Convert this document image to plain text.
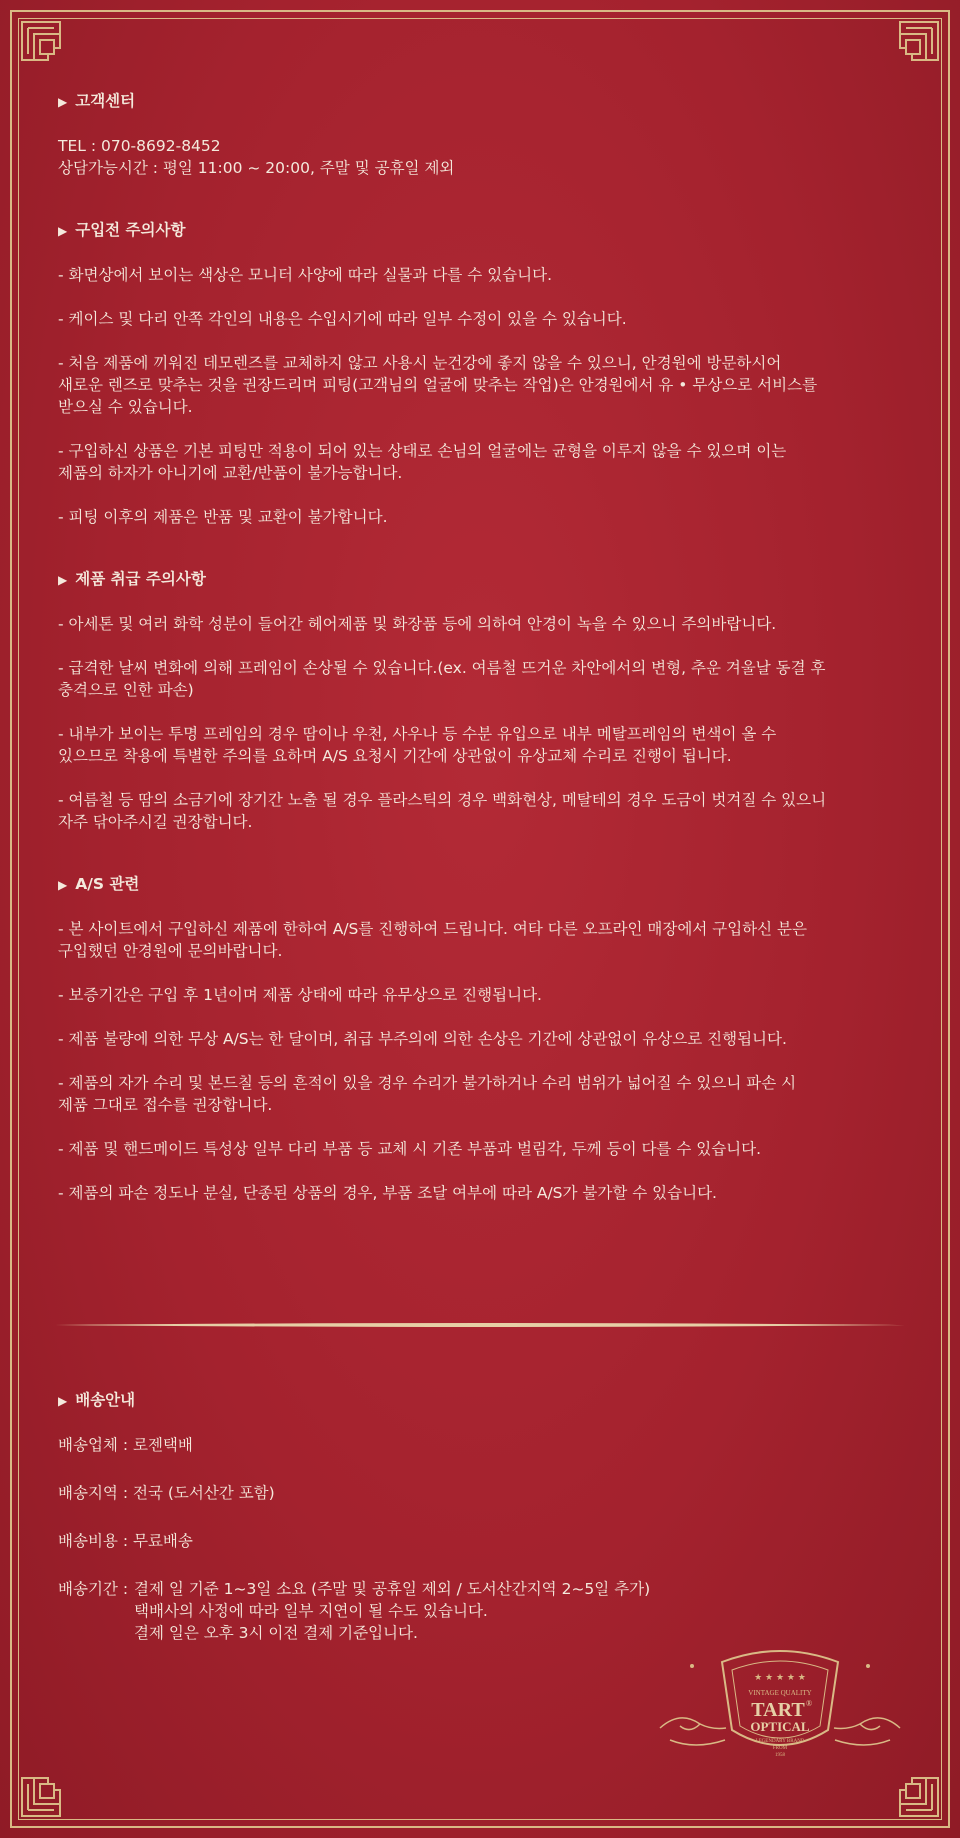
▶ 고객센터

TEL : 070-8692-8452

상담가능시간 : 평일 11:00 ~ 20:00, 주말 및 공휴일 제외

▶ 구입전 주의사항

- 화면상에서 보이는 색상은 모니터 사양에 따라 실물과 다를 수 있습니다.

- 케이스 및 다리 안쪽 각인의 내용은 수입시기에 따라 일부 수정이 있을 수 있습니다.

- 처음 제품에 끼워진 데모렌즈를 교체하지 않고 사용시 눈건강에 좋지 않을 수 있으니, 안경원에 방문하시어

새로운 렌즈로 맞추는 것을 권장드리며 피팅(고객님의 얼굴에 맞추는 작업)은 안경원에서 유 • 무상으로 서비스를

받으실 수 있습니다.

- 구입하신 상품은 기본 피팅만 적용이 되어 있는 상태로 손님의 얼굴에는 균형을 이루지 않을 수 있으며 이는

제품의 하자가 아니기에 교환/반품이 불가능합니다.

- 피팅 이후의 제품은 반품 및 교환이 불가합니다.

▶ 제품 취급 주의사항

- 아세톤 및 여러 화학 성분이 들어간 헤어제품 및 화장품 등에 의하여 안경이 녹을 수 있으니 주의바랍니다.

- 급격한 날씨 변화에 의해 프레임이 손상될 수 있습니다.(ex. 여름철 뜨거운 차안에서의 변형, 추운 겨울날 동결 후

충격으로 인한 파손)

- 내부가 보이는 투명 프레임의 경우 땀이나 우천, 사우나 등 수분 유입으로 내부 메탈프레임의 변색이 올 수

있으므로 착용에 특별한 주의를 요하며 A/S 요청시 기간에 상관없이 유상교체 수리로 진행이 됩니다.

- 여름철 등 땀의 소금기에 장기간 노출 될 경우 플라스틱의 경우 백화현상, 메탈테의 경우 도금이 벗겨질 수 있으니

자주 닦아주시길 권장합니다.

▶ A/S 관련

- 본 사이트에서 구입하신 제품에 한하여 A/S를 진행하여 드립니다. 여타 다른 오프라인 매장에서 구입하신 분은

구입했던 안경원에 문의바랍니다.

- 보증기간은 구입 후 1년이며 제품 상태에 따라 유무상으로 진행됩니다.

- 제품 불량에 의한 무상 A/S는 한 달이며, 취급 부주의에 의한 손상은 기간에 상관없이 유상으로 진행됩니다.

- 제품의 자가 수리 및 본드칠 등의 흔적이 있을 경우 수리가 불가하거나 수리 범위가 넓어질 수 있으니 파손 시

제품 그대로 접수를 권장합니다.

- 제품 및 핸드메이드 특성상 일부 다리 부품 등 교체 시 기존 부품과 벌림각, 두께 등이 다를 수 있습니다.

- 제품의 파손 정도나 분실, 단종된 상품의 경우, 부품 조달 여부에 따라 A/S가 불가할 수 있습니다.

▶ 배송안내

배송업체 : 로젠택배

배송지역 : 전국 (도서산간 포함)

배송비용 : 무료배송

배송기간 : 결제 일 기준 1~3일 소요 (주말 및 공휴일 제외 / 도서산간지역 2~5일 추가)

택배사의 사정에 따라 일부 지연이 될 수도 있습니다.

결제 일은 오후 3시 이전 결제 기준입니다.

★ ★ ★ ★ ★
VINTAGE QUALITY
TART ®
OPTICAL
LEGENDARY BRAND
FROM
1958
